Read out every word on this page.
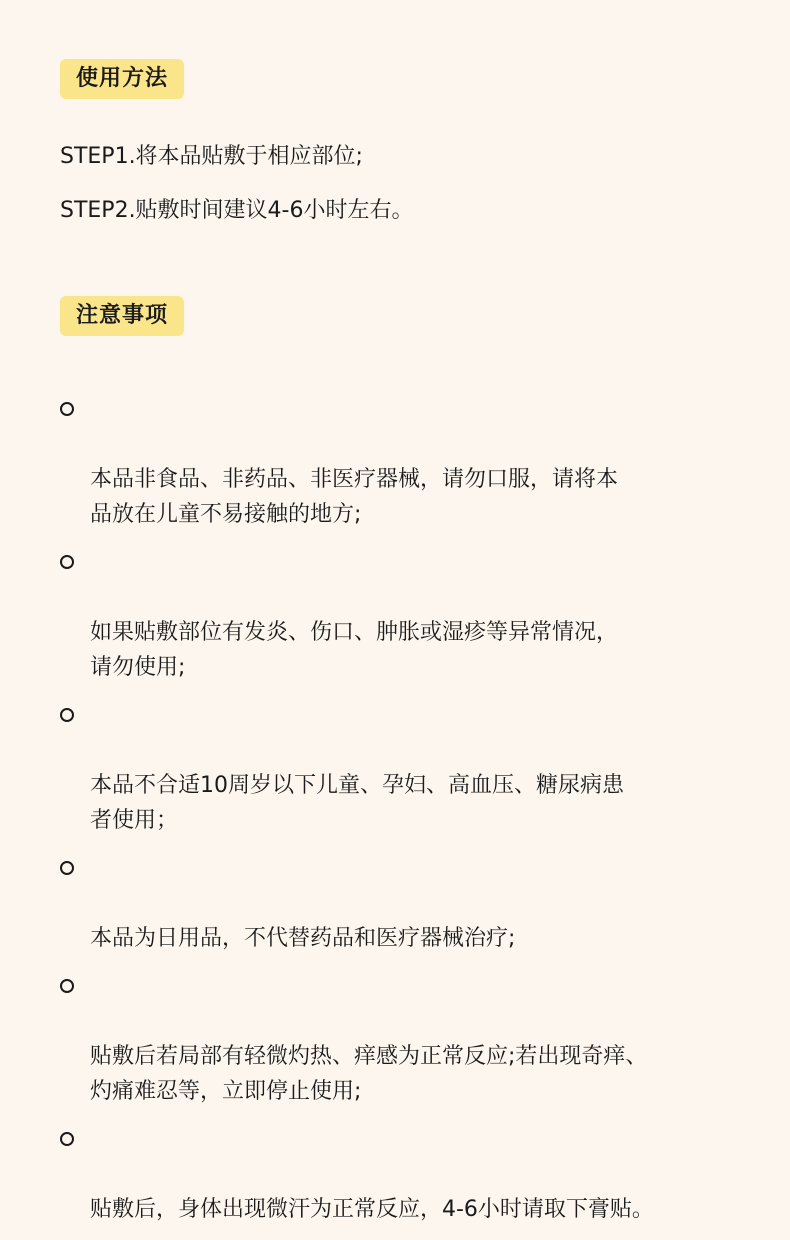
使用方法
STEP1.将本品贴敷于相应部位;
STEP2.贴敷时间建议4-6小时左右。
注意事项

本品非食品、非药品、非医疗器械，请勿口服，请将本
品放在儿童不易接触的地方;

如果贴敷部位有发炎、伤口、肿胀或湿疹等异常情况，
请勿使用;

本品不合适10周岁以下儿童、孕妇、高血压、糖尿病患
者使用；

本品为日用品，不代替药品和医疗器械治疗;

贴敷后若局部有轻微灼热、痒感为正常反应;若出现奇痒、
灼痛难忍等，立即停止使用;

贴敷后，身体出现微汗为正常反应，4-6小时请取下膏贴。
